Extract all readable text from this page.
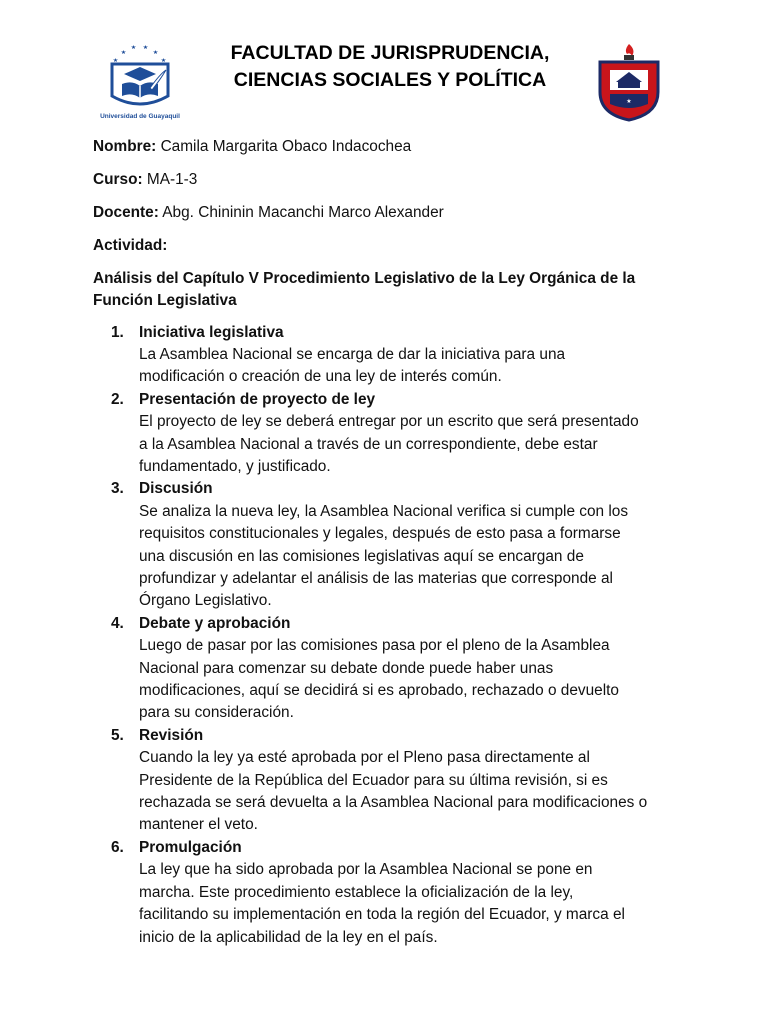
Universidad de Guayaquil
FACULTAD DE JURISPRUDENCIA,
CIENCIAS SOCIALES Y POLÍTICA
★
Nombre: Camila Margarita Obaco Indacochea
Curso: MA-1-3
Docente: Abg. Chininin Macanchi Marco Alexander
Actividad:
Análisis del Capítulo V Procedimiento Legislativo de la Ley Orgánica de la Función Legislativa
1. Iniciativa legislativa
La Asamblea Nacional se encarga de dar la iniciativa para una
modificación o creación de una ley de interés común.
2. Presentación de proyecto de ley
El proyecto de ley se deberá entregar por un escrito que será presentado
a la Asamblea Nacional a través de un correspondiente, debe estar
fundamentado, y justificado.
3. Discusión
Se analiza la nueva ley, la Asamblea Nacional verifica si cumple con los
requisitos constitucionales y legales, después de esto pasa a formarse
una discusión en las comisiones legislativas aquí se encargan de
profundizar y adelantar el análisis de las materias que corresponde al
Órgano Legislativo.
4. Debate y aprobación
Luego de pasar por las comisiones pasa por el pleno de la Asamblea
Nacional para comenzar su debate donde puede haber unas
modificaciones, aquí se decidirá si es aprobado, rechazado o devuelto
para su consideración.
5. Revisión
Cuando la ley ya esté aprobada por el Pleno pasa directamente al
Presidente de la República del Ecuador para su última revisión, si es
rechazada se será devuelta a la Asamblea Nacional para modificaciones o
mantener el veto.
6. Promulgación
La ley que ha sido aprobada por la Asamblea Nacional se pone en
marcha. Este procedimiento establece la oficialización de la ley,
facilitando su implementación en toda la región del Ecuador, y marca el
inicio de la aplicabilidad de la ley en el país.
